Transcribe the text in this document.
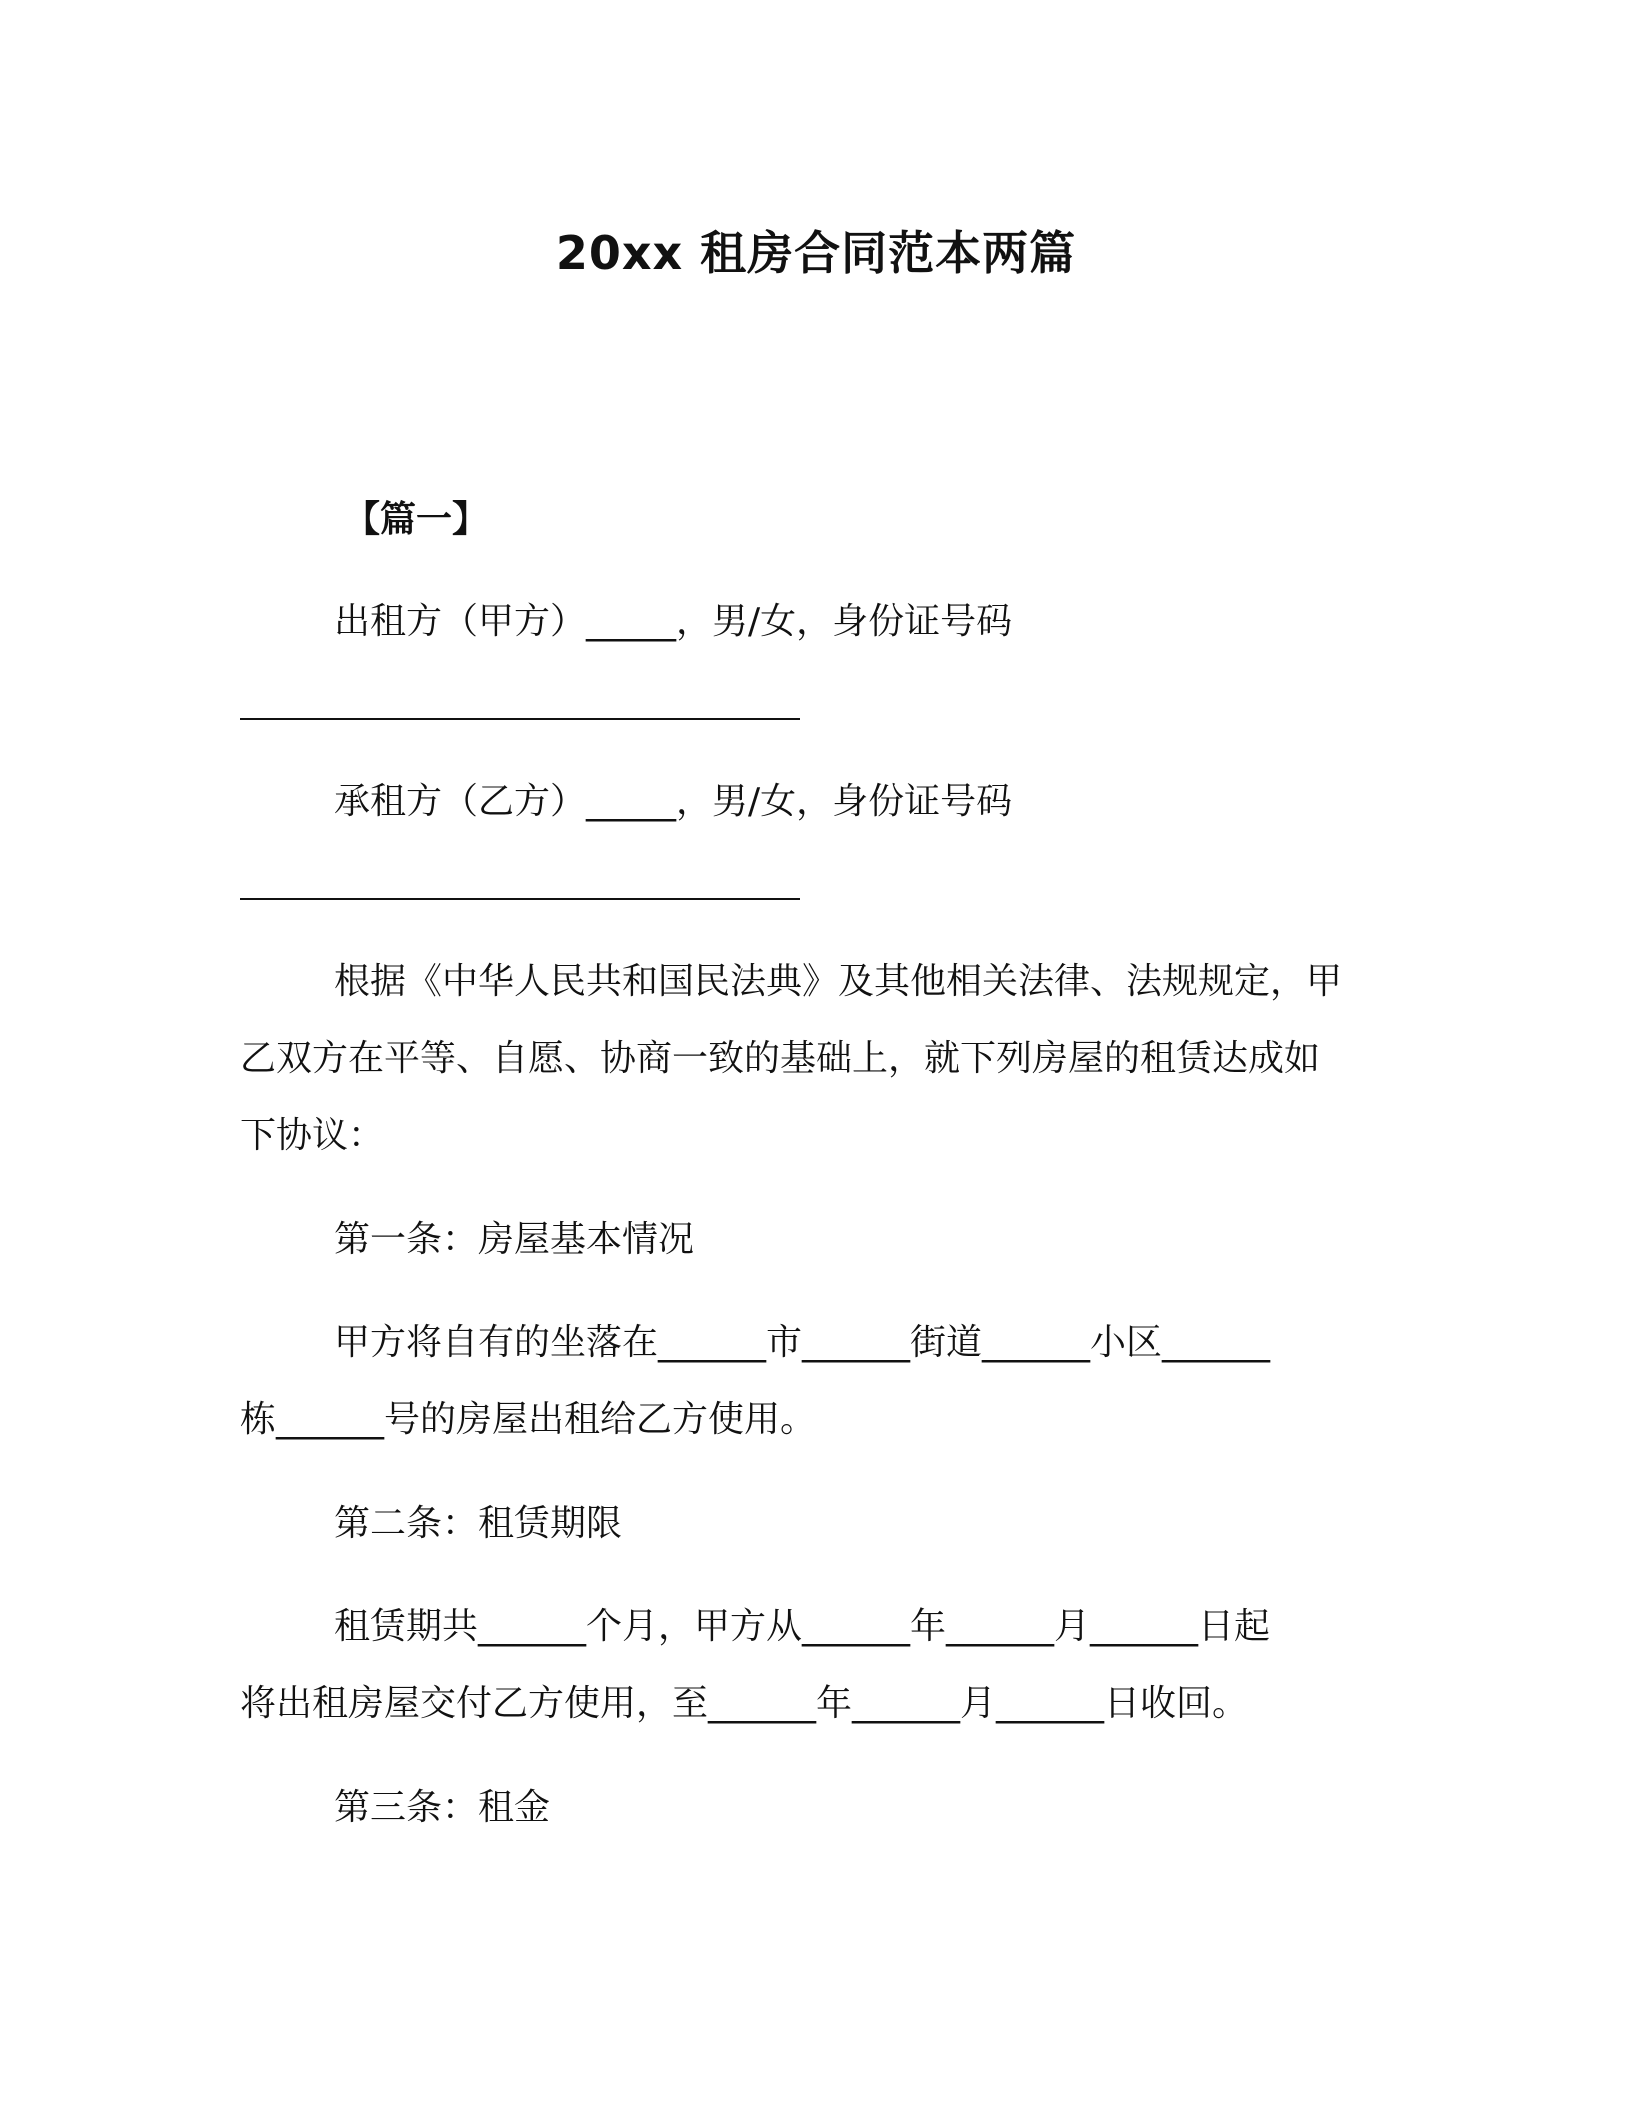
20xx 租房合同范本两篇
【篇一】
出租方（甲方）_____，男/女，身份证号码
承租方（乙方）_____，男/女，身份证号码
根据《中华人民共和国民法典》及其他相关法律、法规规定，甲
乙双方在平等、自愿、协商一致的基础上，就下列房屋的租赁达成如
下协议：
第一条：房屋基本情况
甲方将自有的坐落在______市______街道______小区______
栋______号的房屋出租给乙方使用。
第二条：租赁期限
租赁期共______个月，甲方从______年______月______日起
将出租房屋交付乙方使用，至______年______月______日收回。
第三条：租金
